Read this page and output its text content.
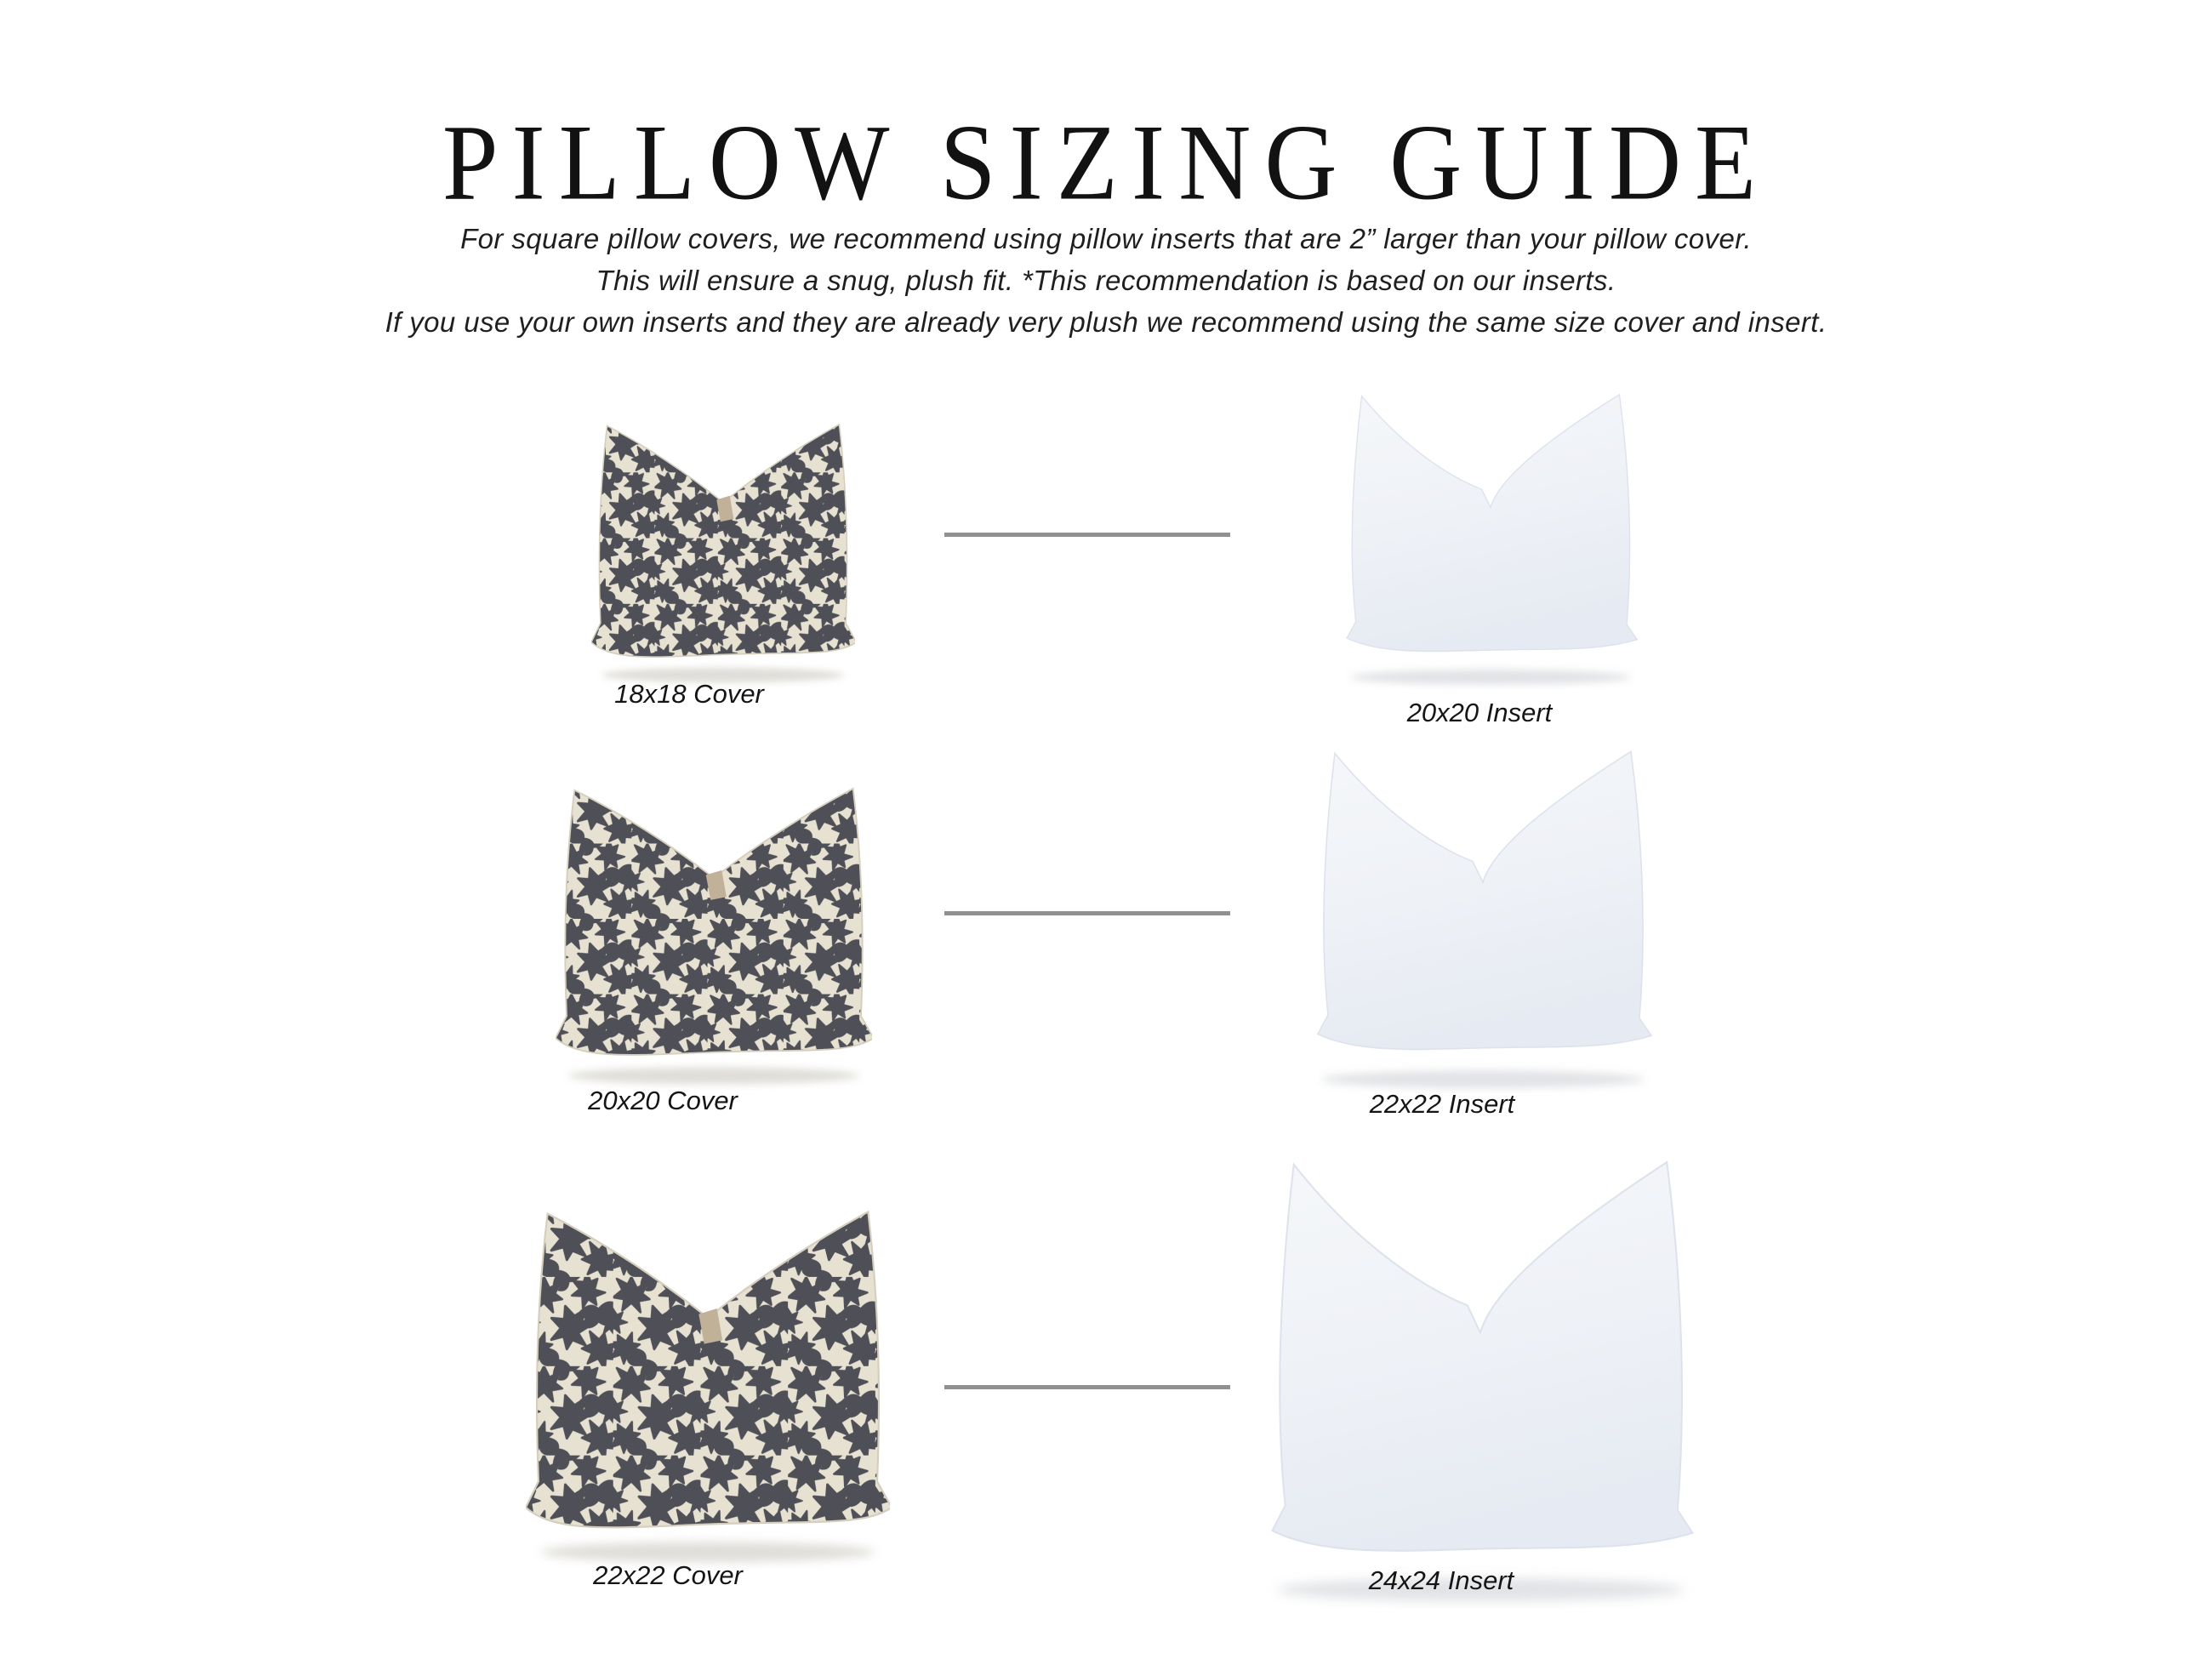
PILLOW SIZING GUIDE
For square pillow covers, we recommend using pillow inserts that are 2” larger than your pillow cover.
This will ensure a snug, plush fit. *This recommendation is based on our inserts.
If you use your own inserts and they are already very plush we recommend using the same size cover and insert.
18x18 Cover
20x20 Insert
20x20 Cover	22x22 Insert
22x22 Cover	24x24 Insert
